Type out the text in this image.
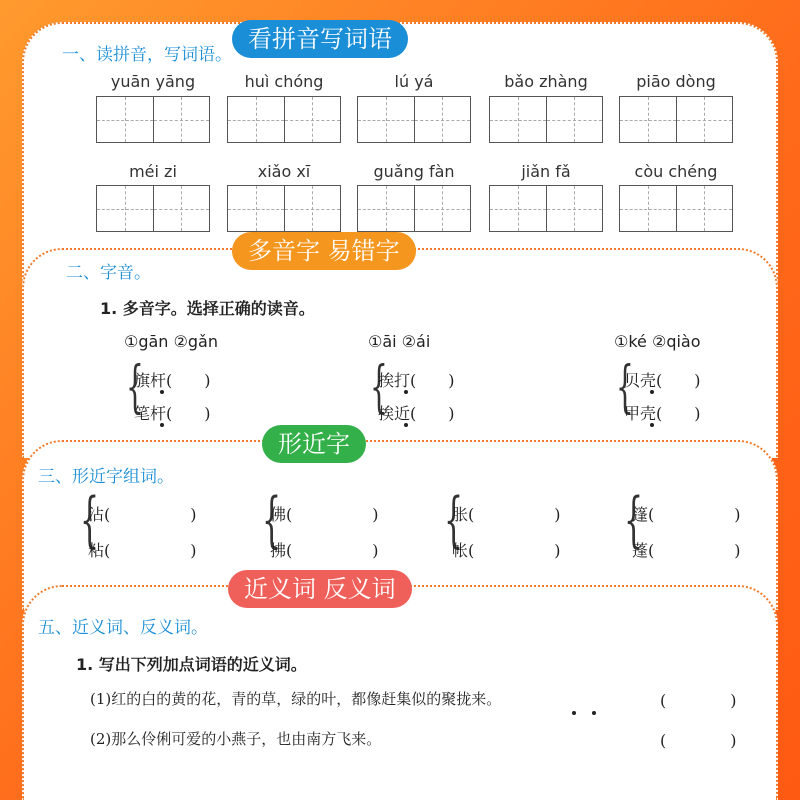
看拼音写词语
一、读拼音，写词语。
yuān yāng	huì chóng	lú yá	bǎo zhàng	piāo dòng
méi zi	xiǎo xī	guǎng fàn	jiǎn fǎ	còu chéng
多音字 易错字
二、字音。
1. 多音字。选择正确的读音。
①gān ②gǎn
{
旗杆(　　)
笔杆(　　)
①āi ②ái
{
挨打(　　)
挨近(　　)
①ké ②qiào
{
贝壳(　　)
甲壳(　　)
形近字
三、形近字组词。
{
沾(　　　　　)
粘(　　　　　) {
佛(　　　　　)
拂(　　　　　) {
胀(　　　　　)
帐(　　　　　) {
篷(　　　　　)
蓬(　　　　　)
近义词 反义词
五、近义词、反义词。
1. 写出下列加点词语的近义词。
(1)红的白的黄的花，青的草，绿的叶，都像赶集似的聚拢来。	(　　　　)
(2)那么伶俐可爱的小燕子，也由南方飞来。	(　　　　)
